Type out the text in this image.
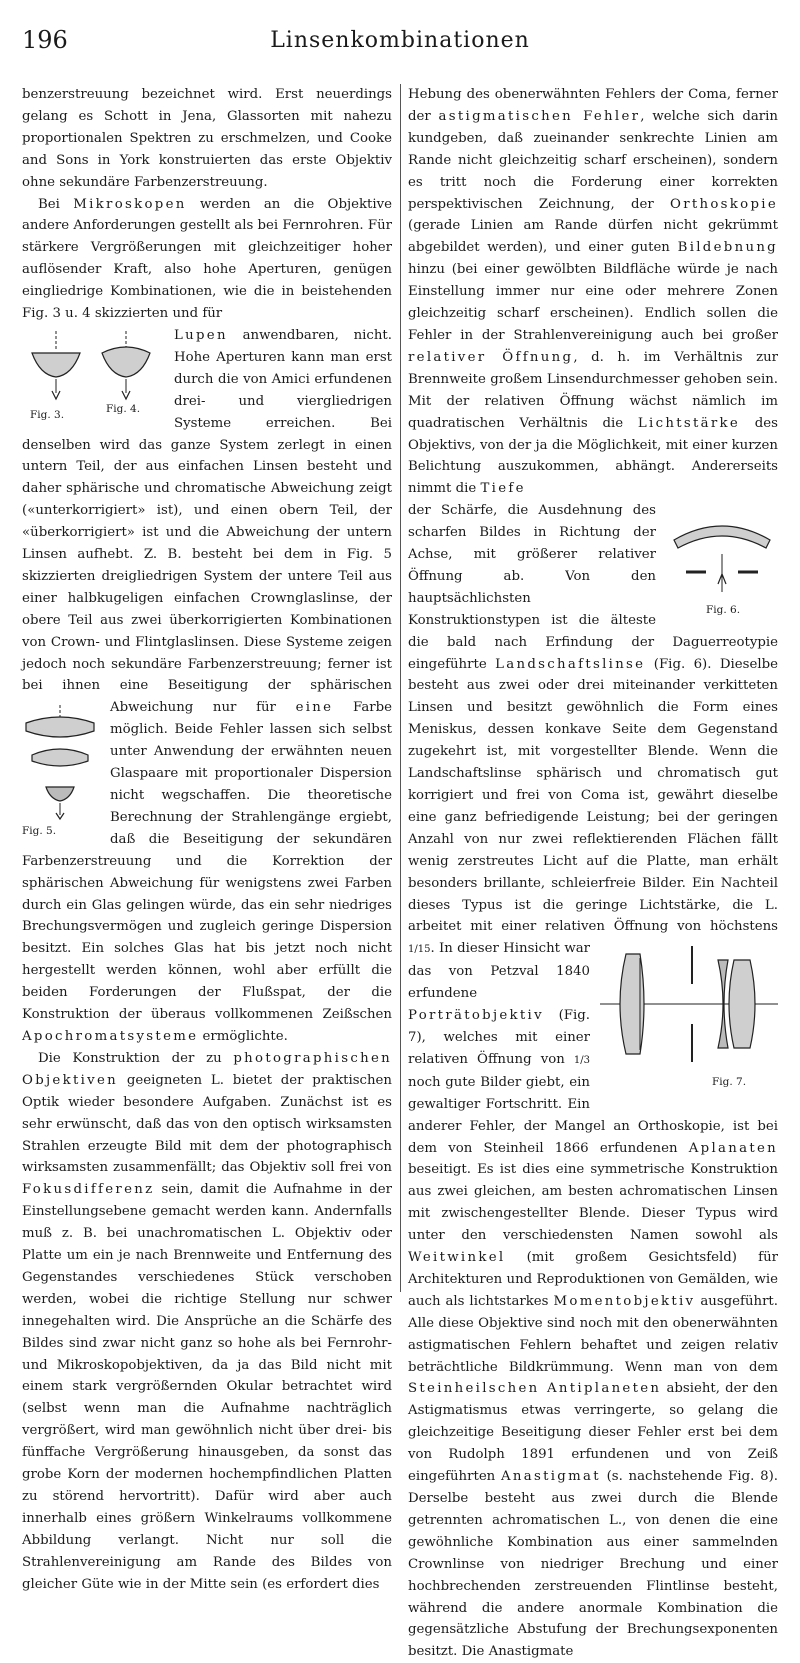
196	Linsenkombinationen

benzerstreuung bezeichnet wird. Erst neuerdings gelang es Schott in Jena, Glassorten mit nahezu proportionalen Spektren zu erschmelzen, und Cooke and Sons in York konstruierten das erste Objektiv ohne sekundäre Farbenzerstreuung.

Bei Mikroskopen werden an die Objektive andere Anforderungen gestellt als bei Fernrohren. Für stärkere Vergrößerungen mit gleichzeitiger hoher auflösender Kraft, also hohe Aperturen, genügen eingliedrige Kombinationen, wie die in beistehenden Fig. 3 u. 4 skizzierten und für

Fig. 3.	Fig. 4.
Lupen anwendbaren, nicht. Hohe Aperturen kann man erst durch die von Amici erfundenen drei- und viergliedrigen Systeme erreichen. Bei denselben wird das ganze System zerlegt in einen untern Teil, der aus einfachen Linsen besteht und daher sphärische und chromatische Abweichung zeigt («unterkorrigiert» ist), und einen obern Teil, der «überkorrigiert» ist und die Abweichung der untern Linsen aufhebt. Z. B. besteht bei dem in Fig. 5 skizzierten dreigliedrigen System der untere Teil aus einer halbkugeligen einfachen Crownglaslinse, der obere Teil aus zwei überkorrigierten Kombinationen von Crown- und Flintglaslinsen. Diese Systeme zeigen jedoch noch sekundäre Farbenzerstreuung; ferner ist bei ihnen eine Beseitigung der sphärischen Abweichung nur für
Fig. 5.
eine Farbe möglich. Beide Fehler lassen sich selbst unter Anwendung der erwähnten neuen Glaspaare mit proportionaler Dispersion nicht wegschaffen. Die theoretische Berechnung der Strahlengänge ergiebt, daß die Beseitigung der sekundären Farbenzerstreuung und die Korrektion der sphärischen Abweichung für wenigstens zwei Farben durch ein Glas gelingen würde, das ein sehr niedriges Brechungsvermögen und zugleich geringe Dispersion besitzt. Ein solches Glas hat bis jetzt noch nicht hergestellt werden können, wohl aber erfüllt die beiden Forderungen der Flußspat, der die Konstruktion der überaus vollkommenen Zeißschen Apochromatsysteme ermöglichte.

Die Konstruktion der zu photographischen Objektiven geeigneten L. bietet der praktischen Optik wieder besondere Aufgaben. Zunächst ist es sehr erwünscht, daß das von den optisch wirksamsten Strahlen erzeugte Bild mit dem der photographisch wirksamsten zusammenfällt; das Objektiv soll frei von Fokusdifferenz sein, damit die Aufnahme in der Einstellungsebene gemacht werden kann. Andernfalls muß z. B. bei unachromatischen L. Objektiv oder Platte um ein je nach Brennweite und Entfernung des Gegenstandes verschiedenes Stück verschoben werden, wobei die richtige Stellung nur schwer innegehalten wird. Die Ansprüche an die Schärfe des Bildes sind zwar nicht ganz so hohe als bei Fernrohr- und Mikroskopobjektiven, da ja das Bild nicht mit einem stark vergrößernden Okular betrachtet wird (selbst wenn man die Aufnahme nachträglich vergrößert, wird man gewöhnlich nicht über drei- bis fünffache Vergrößerung hinausgeben, da sonst das grobe Korn der modernen hochempfindlichen Platten zu störend hervortritt). Dafür wird aber auch innerhalb eines größern Winkelraums vollkommene Abbildung verlangt. Nicht nur soll die Strahlenvereinigung am Rande des Bildes von gleicher Güte wie in der Mitte sein (es erfordert dies

Hebung des obenerwähnten Fehlers der Coma, ferner der astigmatischen Fehler, welche sich darin kundgeben, daß zueinander senkrechte Linien am Rande nicht gleichzeitig scharf erscheinen), sondern es tritt noch die Forderung einer korrekten perspektivischen Zeichnung, der Orthoskopie (gerade Linien am Rande dürfen nicht gekrümmt abgebildet werden), und einer guten Bildebnung hinzu (bei einer gewölbten Bildfläche würde je nach Einstellung immer nur eine oder mehrere Zonen gleichzeitig scharf erscheinen). Endlich sollen die Fehler in der Strahlenvereinigung auch bei großer relativer Öffnung, d. h. im Verhältnis zur Brennweite großem Linsendurchmesser gehoben sein. Mit der relativen Öffnung wächst nämlich im quadratischen Verhältnis die Lichtstärke des Objektivs, von der ja die Möglichkeit, mit einer kurzen Belichtung auszukommen, abhängt. Andererseits nimmt die Tiefe

Fig. 6.
der Schärfe, die Ausdehnung des scharfen Bildes in Richtung der Achse, mit größerer relativer Öffnung ab. Von den hauptsächlichsten Konstruktionstypen ist die älteste die bald nach Erfindung der Daguerreotypie eingeführte Landschaftslinse (Fig. 6). Dieselbe besteht aus zwei oder drei miteinander verkitteten Linsen und besitzt gewöhnlich die Form eines Meniskus, dessen konkave Seite dem Gegenstand zugekehrt ist, mit vorgestellter Blende. Wenn die Landschaftslinse sphärisch und chromatisch gut korrigiert und frei von Coma ist, gewährt dieselbe eine ganz befriedigende Leistung; bei der geringen Anzahl von nur zwei reflektierenden Flächen fällt wenig zerstreutes Licht auf die Platte, man erhält besonders brillante, schleierfreie Bilder. Ein Nachteil dieses Typus ist die geringe Lichtstärke, die L. arbeitet mit einer relativen Öffnung von höchstens
Fig. 7.
1/15. In dieser Hinsicht war das von Petzval 1840 erfundene Porträtobjektiv (Fig. 7), welches mit einer relativen Öffnung von 1/3 noch gute Bilder giebt, ein gewaltiger Fortschritt. Ein anderer Fehler, der Mangel an Orthoskopie, ist bei dem von Steinheil 1866 erfundenen Aplanaten beseitigt. Es ist dies eine symmetrische Konstruktion aus zwei gleichen, am besten achromatischen Linsen mit zwischengestellter Blende. Dieser Typus wird unter den verschiedensten Namen sowohl als Weitwinkel (mit großem Gesichtsfeld) für Architekturen und Reproduktionen von Gemälden, wie auch als lichtstarkes Momentobjektiv ausgeführt. Alle diese Objektive sind noch mit den obenerwähnten astigmatischen Fehlern behaftet und zeigen relativ beträchtliche Bildkrümmung. Wenn man von dem Steinheilschen Antiplaneten absieht, der den Astigmatismus etwas verringerte, so gelang die gleichzeitige Beseitigung dieser Fehler erst bei dem von Rudolph 1891 erfundenen und von Zeiß eingeführten Anastigmat (s. nachstehende Fig. 8). Derselbe besteht aus zwei durch die Blende getrennten achromatischen L., von denen die eine gewöhnliche Kombination aus einer sammelnden Crownlinse von niedriger Brechung und einer hochbrechenden zerstreuenden Flintlinse besteht, während die andere anormale Kombination die gegensätzliche Abstufung der Brechungsexponenten besitzt. Die Anastigmate
